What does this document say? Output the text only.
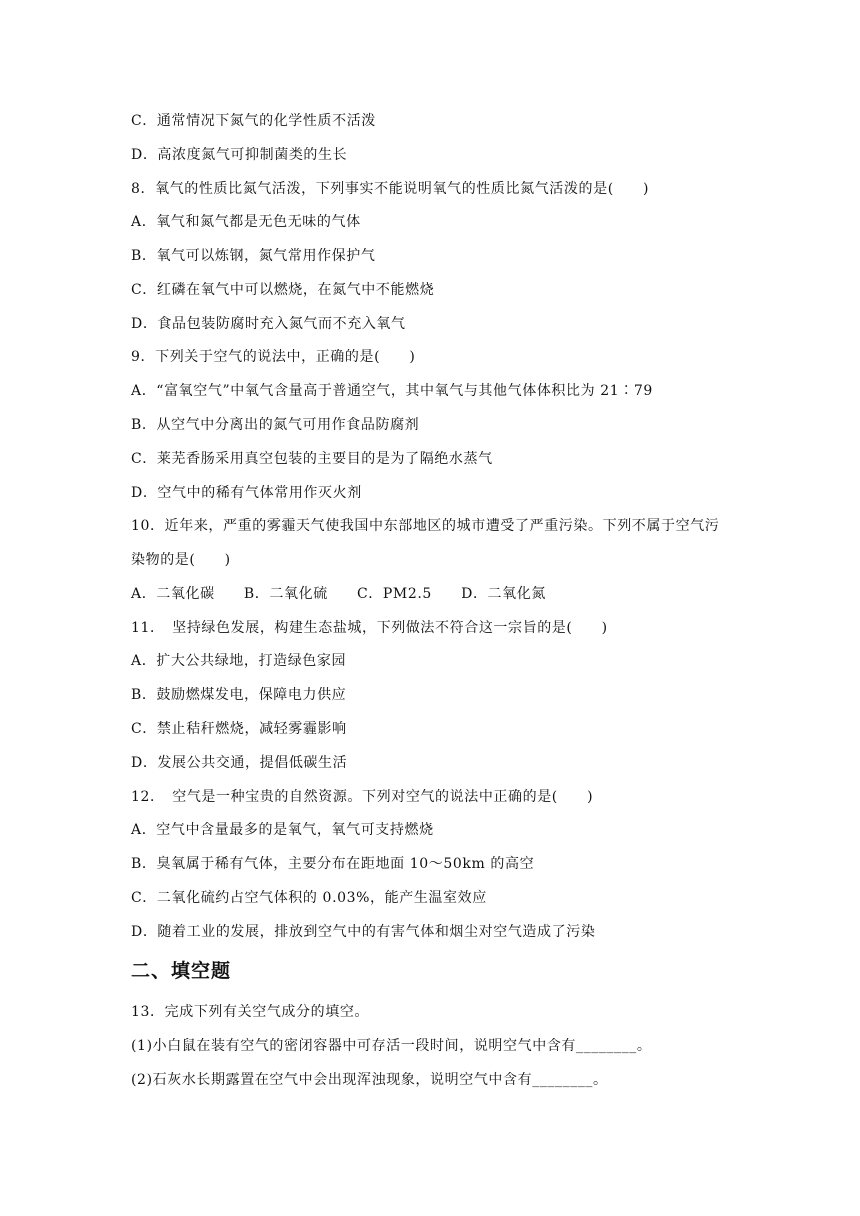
C．通常情况下氮气的化学性质不活泼
D．高浓度氮气可抑制菌类的生长
8．氧气的性质比氮气活泼，下列事实不能说明氧气的性质比氮气活泼的是(　　)
A．氧气和氮气都是无色无味的气体
B．氧气可以炼钢，氮气常用作保护气
C．红磷在氧气中可以燃烧，在氮气中不能燃烧
D．食品包装防腐时充入氮气而不充入氧气
9．下列关于空气的说法中，正确的是(　　)
A．“富氧空气”中氧气含量高于普通空气，其中氧气与其他气体体积比为 21∶79
B．从空气中分离出的氮气可用作食品防腐剂
C．莱芜香肠采用真空包装的主要目的是为了隔绝水蒸气
D．空气中的稀有气体常用作灭火剂
10．近年来，严重的雾霾天气使我国中东部地区的城市遭受了严重污染。下列不属于空气污
染物的是(　　)
A．二氧化碳　　B．二氧化硫　　C．PM2.5　　D．二氧化氮
11．　坚持绿色发展，构建生态盐城，下列做法不符合这一宗旨的是(　　)
A．扩大公共绿地，打造绿色家园
B．鼓励燃煤发电，保障电力供应
C．禁止秸秆燃烧，减轻雾霾影响
D．发展公共交通，提倡低碳生活
12．　空气是一种宝贵的自然资源。下列对空气的说法中正确的是(　　)
A．空气中含量最多的是氧气，氧气可支持燃烧
B．臭氧属于稀有气体，主要分布在距地面 10～50km 的高空
C．二氧化硫约占空气体积的 0.03%，能产生温室效应
D．随着工业的发展，排放到空气中的有害气体和烟尘对空气造成了污染
二、填空题
13．完成下列有关空气成分的填空。
(1)小白鼠在装有空气的密闭容器中可存活一段时间，说明空气中含有________。
(2)石灰水长期露置在空气中会出现浑浊现象，说明空气中含有________。
